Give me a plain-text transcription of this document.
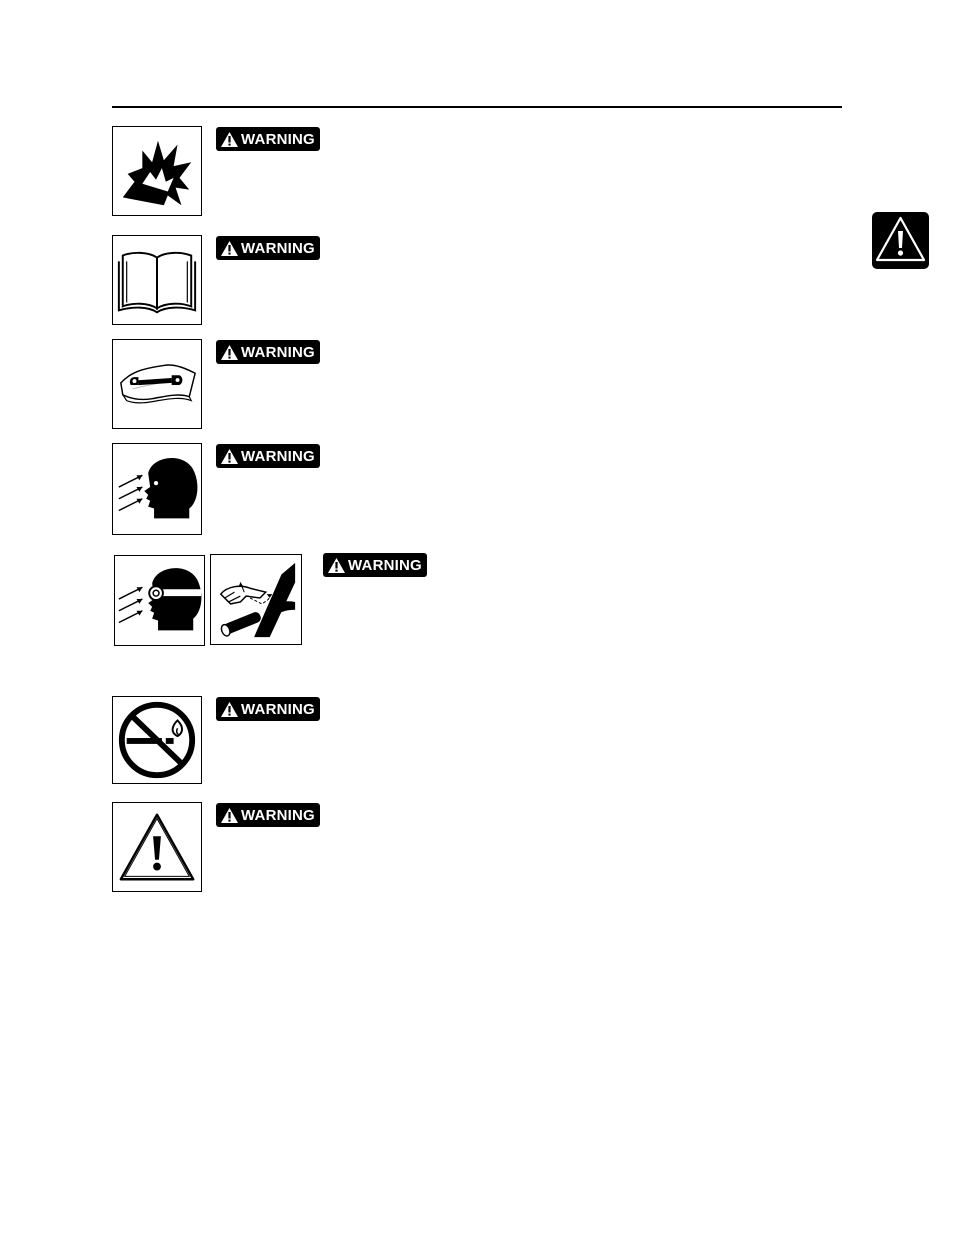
WARNING
WARNING
WARNING
WARNING
WARNING
WARNING
WARNING
